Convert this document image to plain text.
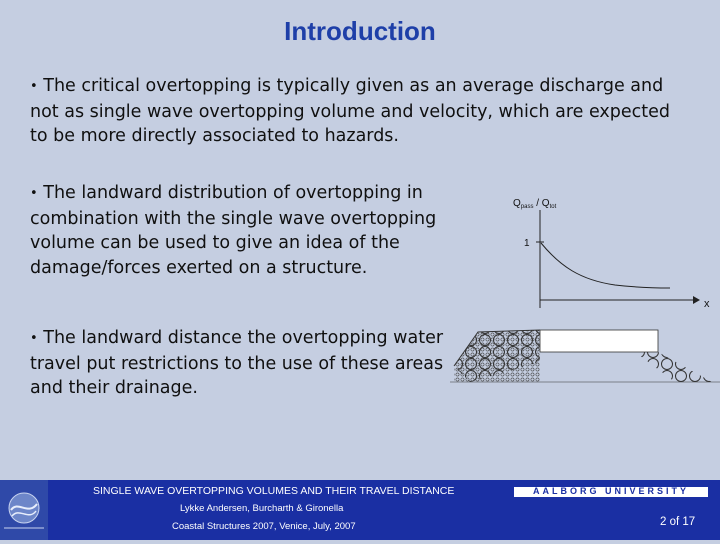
Introduction

• The critical overtopping is typically given as an average discharge and not as single wave overtopping volume and velocity, which are expected to be more directly associated to hazards.

• The landward distribution of overtopping in combination with the single wave overtopping volume can be used to give an idea of the damage/forces exerted on a structure.

• The landward distance the overtopping water travel put restrictions to the use of these areas and their drainage.

$Q_{pass} / Q_{tot}$
1
x
SINGLE WAVE OVERTOPPING VOLUMES AND THEIR TRAVEL DISTANCE
Lykke Andersen, Burcharth & Gironella
Coastal Structures 2007, Venice, July, 2007
AALBORG UNIVERSITY
2 of 17
